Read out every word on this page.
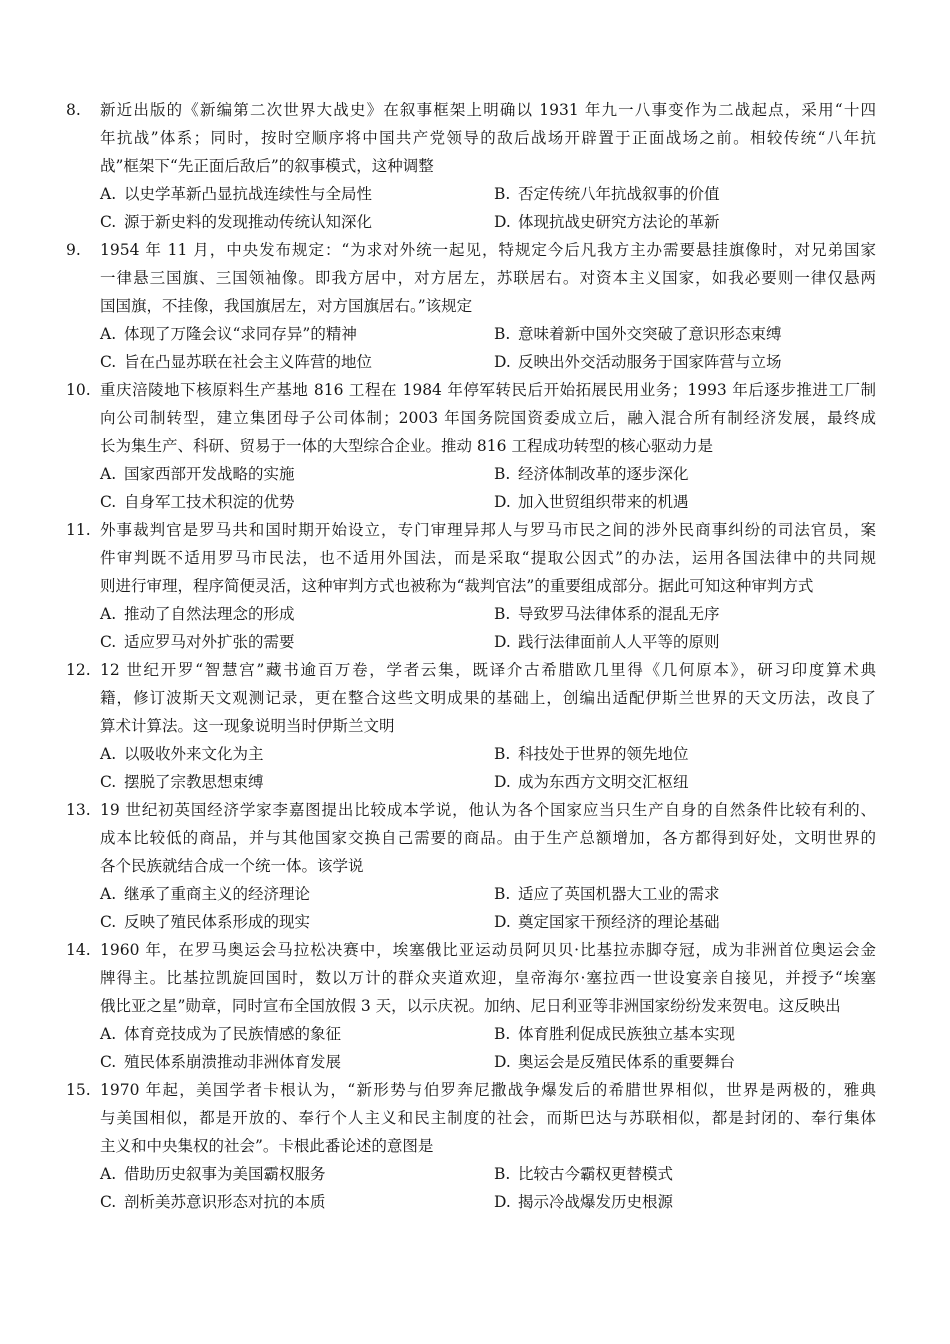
8.	新近出版的《新编第二次世界大战史》在叙事框架上明确以 1931 年九一八事变作为二战起点，采用“十四
年抗战”体系；同时，按时空顺序将中国共产党领导的敌后战场开辟置于正面战场之前。相较传统“八年抗
战”框架下“先正面后敌后”的叙事模式，这种调整
A. 以史学革新凸显抗战连续性与全局性	B. 否定传统八年抗战叙事的价值
C. 源于新史料的发现推动传统认知深化	D. 体现抗战史研究方法论的革新
9.	1954 年 11 月，中央发布规定：“为求对外统一起见，特规定今后凡我方主办需要悬挂旗像时，对兄弟国家
一律悬三国旗、三国领袖像。即我方居中，对方居左，苏联居右。对资本主义国家，如我必要则一律仅悬两
国国旗，不挂像，我国旗居左，对方国旗居右。”该规定
A. 体现了万隆会议“求同存异”的精神	B. 意味着新中国外交突破了意识形态束缚
C. 旨在凸显苏联在社会主义阵营的地位	D. 反映出外交活动服务于国家阵营与立场
10. 重庆涪陵地下核原料生产基地 816 工程在 1984 年停军转民后开始拓展民用业务；1993 年后逐步推进工厂制
向公司制转型，建立集团母子公司体制；2003 年国务院国资委成立后，融入混合所有制经济发展，最终成
长为集生产、科研、贸易于一体的大型综合企业。推动 816 工程成功转型的核心驱动力是
A. 国家西部开发战略的实施	B. 经济体制改革的逐步深化
C. 自身军工技术积淀的优势	D. 加入世贸组织带来的机遇
11. 外事裁判官是罗马共和国时期开始设立，专门审理异邦人与罗马市民之间的涉外民商事纠纷的司法官员，案
件审判既不适用罗马市民法，也不适用外国法，而是采取“提取公因式”的办法，运用各国法律中的共同规
则进行审理，程序简便灵活，这种审判方式也被称为“裁判官法”的重要组成部分。据此可知这种审判方式
A. 推动了自然法理念的形成	B. 导致罗马法律体系的混乱无序
C. 适应罗马对外扩张的需要	D. 践行法律面前人人平等的原则
12. 12 世纪开罗“智慧宫”藏书逾百万卷，学者云集，既译介古希腊欧几里得《几何原本》，研习印度算术典
籍，修订波斯天文观测记录，更在整合这些文明成果的基础上，创编出适配伊斯兰世界的天文历法，改良了
算术计算法。这一现象说明当时伊斯兰文明
A. 以吸收外来文化为主	B. 科技处于世界的领先地位
C. 摆脱了宗教思想束缚	D. 成为东西方文明交汇枢纽
13. 19 世纪初英国经济学家李嘉图提出比较成本学说，他认为各个国家应当只生产自身的自然条件比较有利的、
成本比较低的商品，并与其他国家交换自己需要的商品。由于生产总额增加，各方都得到好处，文明世界的
各个民族就结合成一个统一体。该学说
A. 继承了重商主义的经济理论	B. 适应了英国机器大工业的需求
C. 反映了殖民体系形成的现实	D. 奠定国家干预经济的理论基础
14. 1960 年，在罗马奥运会马拉松决赛中，埃塞俄比亚运动员阿贝贝·比基拉赤脚夺冠，成为非洲首位奥运会金
牌得主。比基拉凯旋回国时，数以万计的群众夹道欢迎，皇帝海尔·塞拉西一世设宴亲自接见，并授予“埃塞
俄比亚之星”勋章，同时宣布全国放假 3 天，以示庆祝。加纳、尼日利亚等非洲国家纷纷发来贺电。这反映出
A. 体育竞技成为了民族情感的象征	B. 体育胜利促成民族独立基本实现
C. 殖民体系崩溃推动非洲体育发展	D. 奥运会是反殖民体系的重要舞台
15. 1970 年起，美国学者卡根认为，“新形势与伯罗奔尼撒战争爆发后的希腊世界相似，世界是两极的，雅典
与美国相似，都是开放的、奉行个人主义和民主制度的社会，而斯巴达与苏联相似，都是封闭的、奉行集体
主义和中央集权的社会”。卡根此番论述的意图是
A. 借助历史叙事为美国霸权服务	B. 比较古今霸权更替模式
C. 剖析美苏意识形态对抗的本质	D. 揭示冷战爆发历史根源
